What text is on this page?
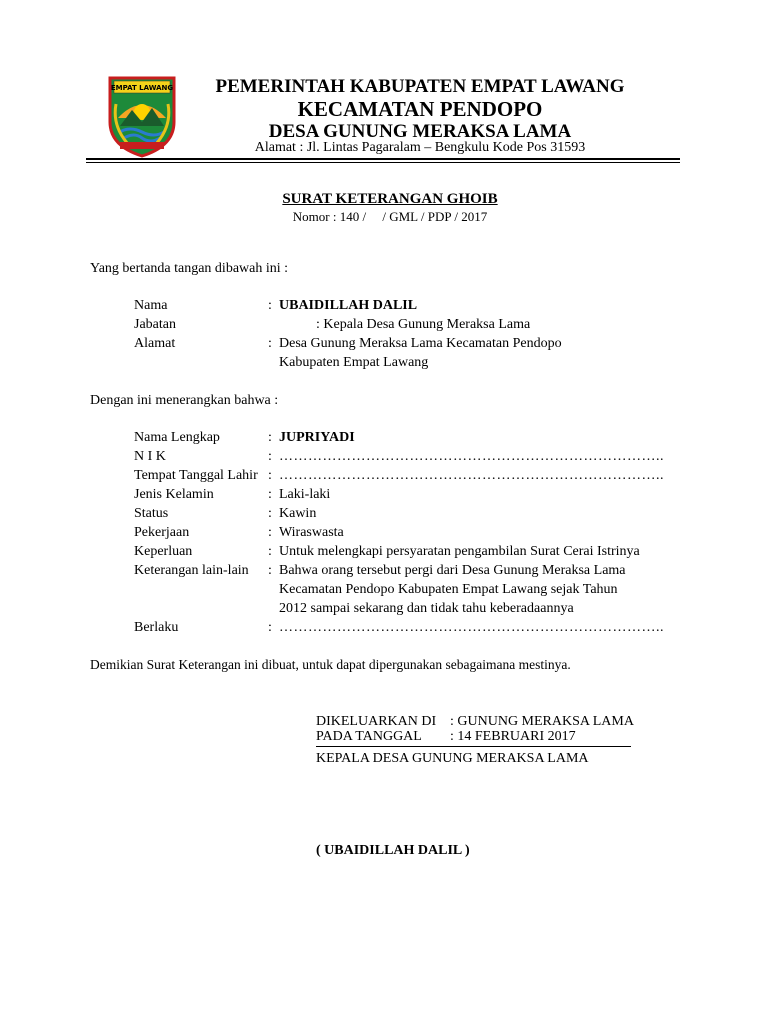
EMPAT LAWANG	PEMERINTAH KABUPATEN EMPAT LAWANG
KECAMATAN PENDOPO
DESA GUNUNG MERAKSA LAMA
Alamat : Jl. Lintas Pagaralam – Bengkulu Kode Pos 31593
SURAT KETERANGAN GHOIB
Nomor : 140 /     / GML / PDP / 2017
Yang bertanda tangan dibawah ini :
Nama	: UBAIDILLAH DALIL
Jabatan	: Kepala Desa Gunung Meraksa Lama
Alamat	: Desa Gunung Meraksa Lama Kecamatan Pendopo
Kabupaten Empat Lawang
Dengan ini menerangkan bahwa :
Nama Lengkap	: JUPRIYADI
N I K	: ……………………………………………………………………..
Tempat Tanggal Lahir : ……………………………………………………………………..
Jenis Kelamin	: Laki-laki
Status	: Kawin
Pekerjaan	: Wiraswasta
Keperluan	: Untuk melengkapi persyaratan pengambilan Surat Cerai Istrinya
Keterangan lain-lain : Bahwa orang tersebut pergi dari Desa Gunung Meraksa Lama
Kecamatan Pendopo Kabupaten Empat Lawang sejak Tahun
2012 sampai sekarang dan tidak tahu keberadaannya
Berlaku	: ……………………………………………………………………..
Demikian Surat Keterangan ini dibuat, untuk dapat dipergunakan sebagaimana mestinya.
DIKELUARKAN DI : GUNUNG MERAKSA LAMA
PADA TANGGAL : 14 FEBRUARI 2017
KEPALA DESA GUNUNG MERAKSA LAMA
( UBAIDILLAH DALIL )
